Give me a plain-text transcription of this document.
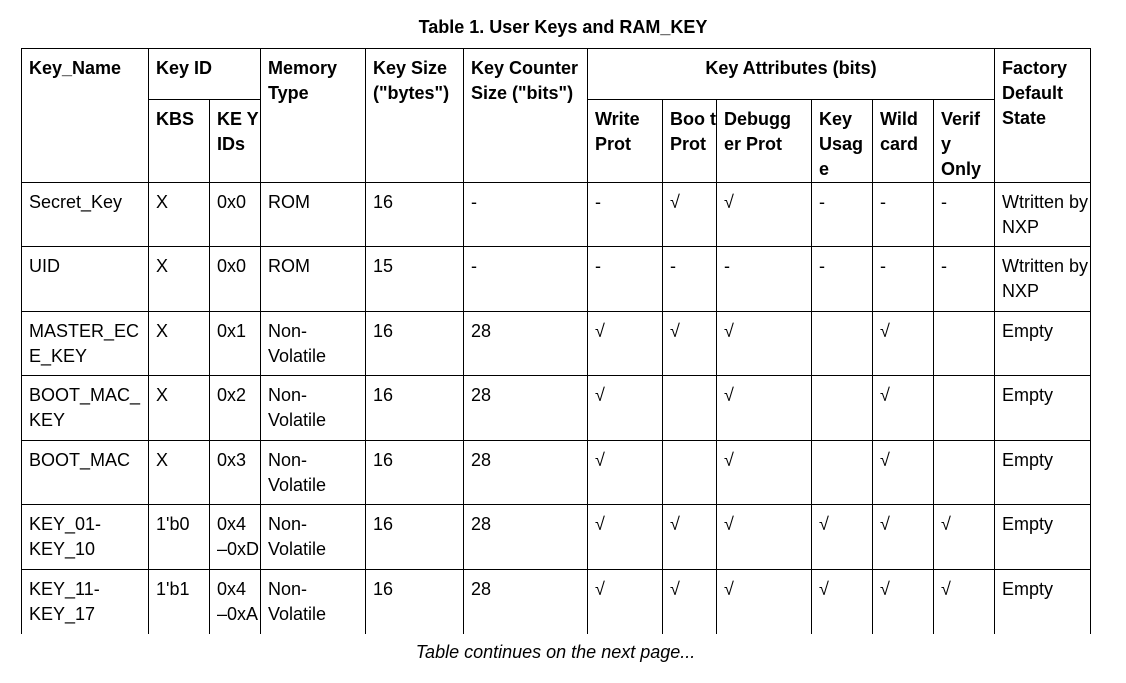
Table 1. User Keys and RAM_KEY
Key_Name	Key ID		Memory Type	Key Size ("bytes")	Key Counter Size ("bits")	Key Attributes (bits)						Factory Default State
	KBS	KE Y IDs				Write Prot	Boo t Prot	Debugg er Prot	Key Usag e	Wild card	Verif y Only	
Secret_Key	X	0x0	ROM	16	-	-	√	√	-	-	-	Wtritten by NXP
UID	X	0x0	ROM	15	-	-	-	-	-	-	-	Wtritten by NXP
MASTER_ECE_KEY	X	0x1	Non-Volatile	16	28	√	√	√		√		Empty
BOOT_MAC_KEY	X	0x2	Non-Volatile	16	28	√		√		√		Empty
BOOT_MAC	X	0x3	Non-Volatile	16	28	√		√		√		Empty
KEY_01-KEY_10	1'b0	0x4 –0xD	Non-Volatile	16	28	√	√	√	√	√	√	Empty
KEY_11-KEY_17	1'b1	0x4 –0xA	Non-Volatile	16	28	√	√	√	√	√	√	Empty
Table continues on the next page...
